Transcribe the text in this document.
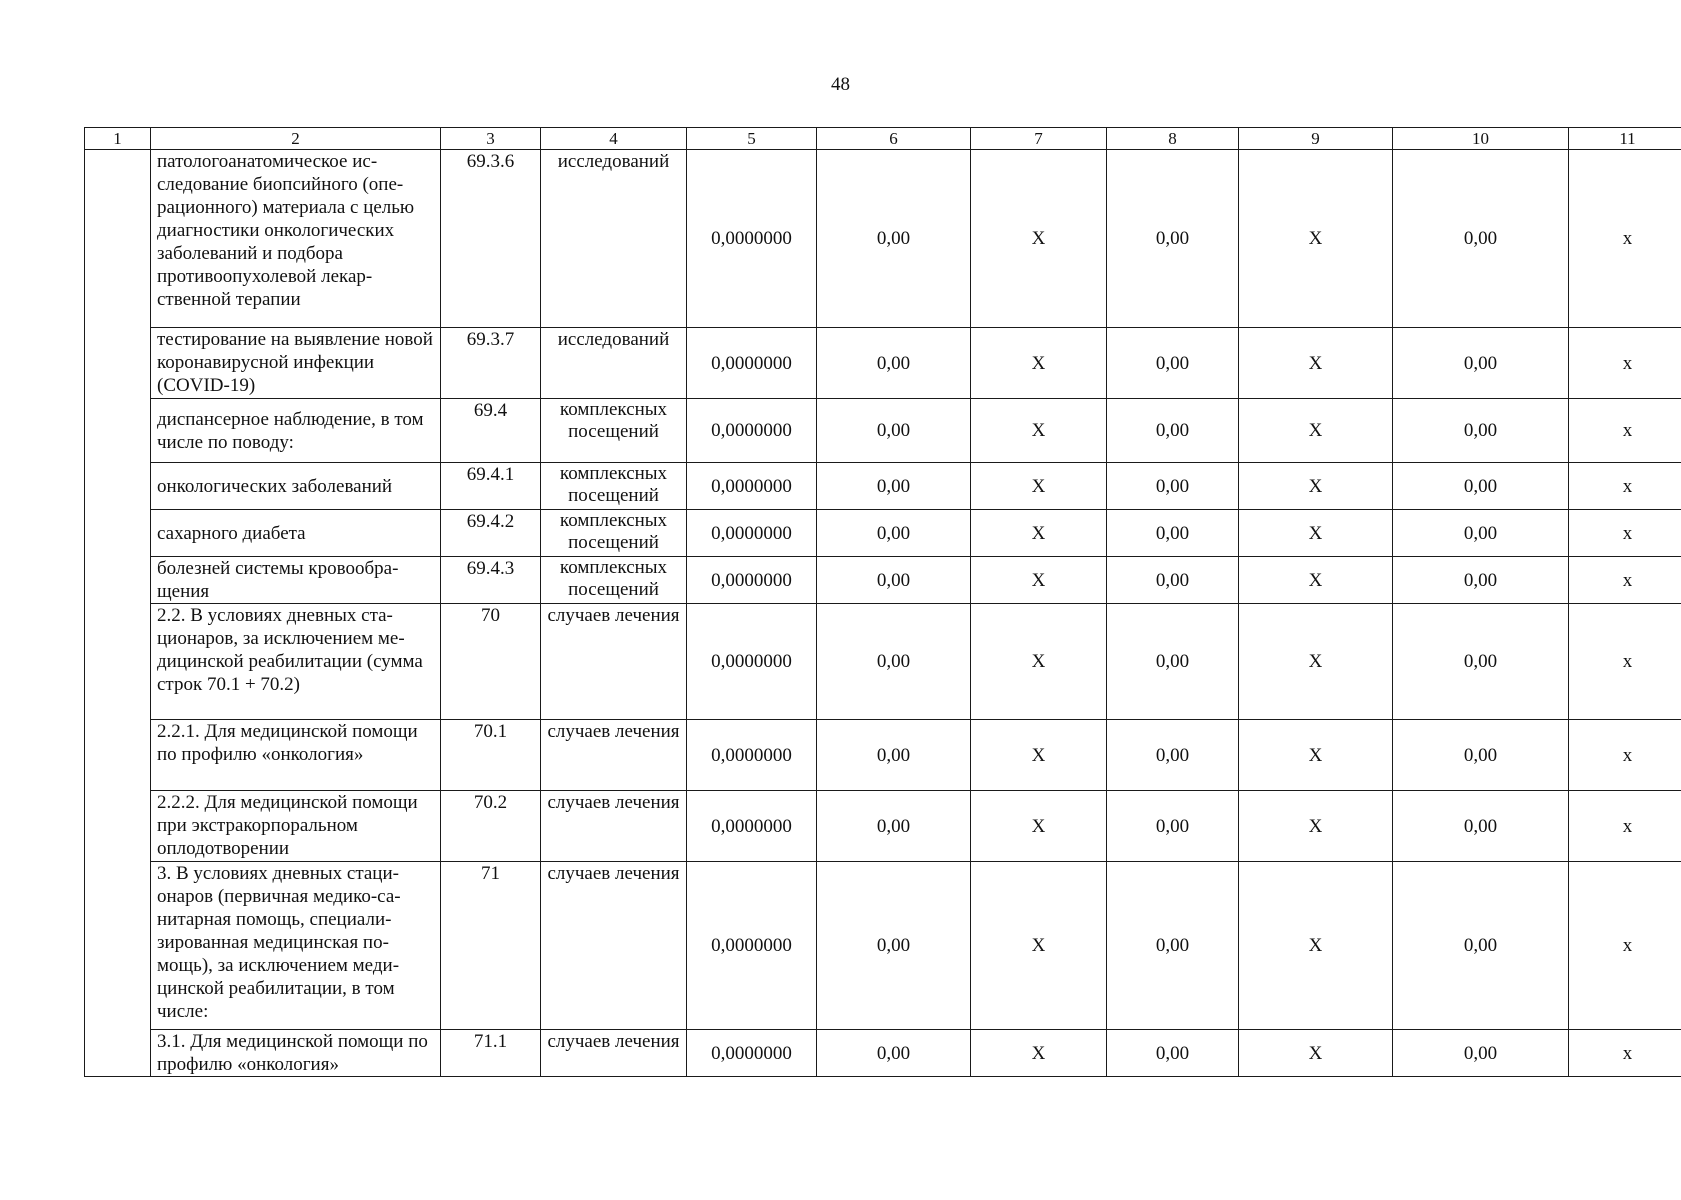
48
1	2	3	4	5	6	7	8	9	10	11
	патологоанатомическое исследование биопсийного (операционного) материала с целью диагностики онкологических заболеваний и подбора противоопухолевой лекарственной терапии	69.3.6	исследований	0,0000000	0,00	X	0,00	X	0,00	x
	тестирование на выявление новой коронавирусной инфекции (COVID-19)	69.3.7	исследований	0,0000000	0,00	X	0,00	X	0,00	x
	диспансерное наблюдение, в том числе по поводу:	69.4	комплексных посещений	0,0000000	0,00	X	0,00	X	0,00	x
	онкологических заболеваний	69.4.1	комплексных посещений	0,0000000	0,00	X	0,00	X	0,00	x
	сахарного диабета	69.4.2	комплексных посещений	0,0000000	0,00	X	0,00	X	0,00	x
	болезней системы кровообращения	69.4.3	комплексных посещений	0,0000000	0,00	X	0,00	X	0,00	x
	2.2. В условиях дневных стационаров, за исключением медицинской реабилитации (сумма строк 70.1 + 70.2)	70	случаев лечения	0,0000000	0,00	X	0,00	X	0,00	x
	2.2.1. Для медицинской помощи по профилю «онкология»	70.1	случаев лечения	0,0000000	0,00	X	0,00	X	0,00	x
	2.2.2. Для медицинской помощи при экстракорпоральном оплодотворении	70.2	случаев лечения	0,0000000	0,00	X	0,00	X	0,00	x
	3. В условиях дневных стационаров (первичная медико-санитарная помощь, специализированная медицинская помощь), за исключением медицинской реабилитации, в том числе:	71	случаев лечения	0,0000000	0,00	X	0,00	X	0,00	x
	3.1. Для медицинской помощи по профилю «онкология»	71.1	случаев лечения	0,0000000	0,00	X	0,00	X	0,00	x
